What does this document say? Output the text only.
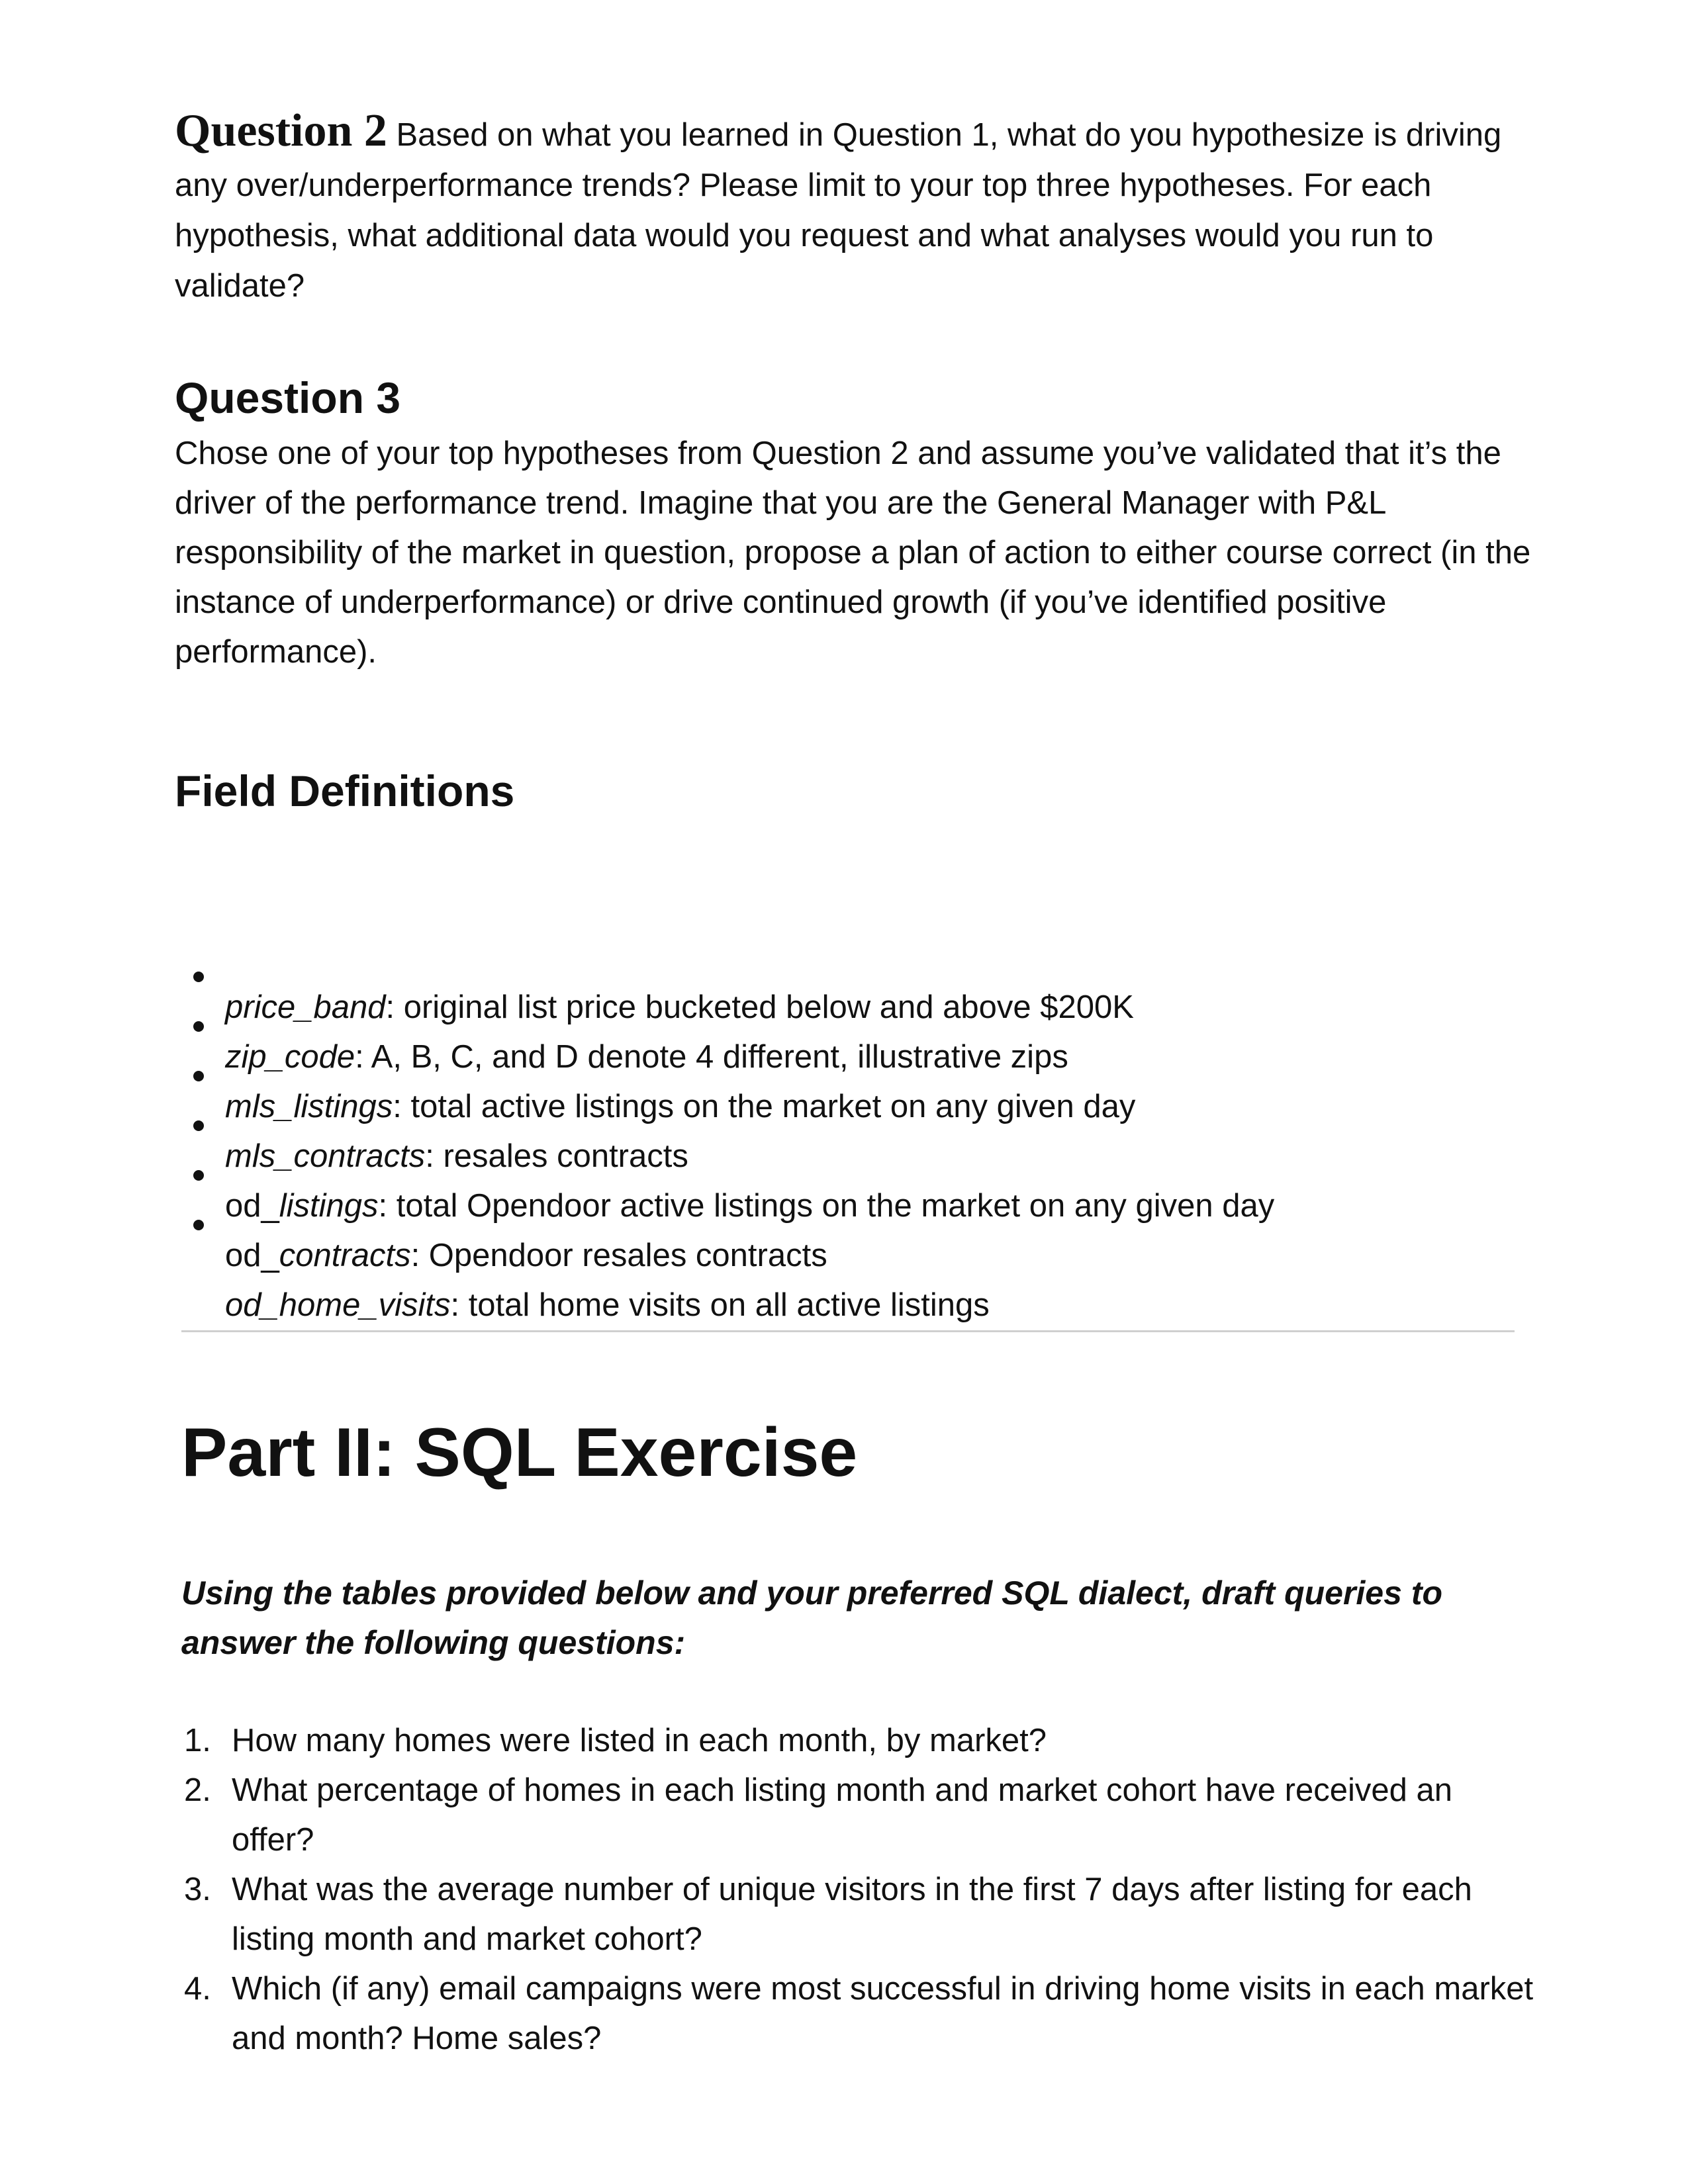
Question 2 Based on what you learned in Question 1, what do you hypothesize is driving any over/underperformance trends? Please limit to your top three hypotheses. For each hypothesis, what additional data would you request and what analyses would you run to validate?
Question 3
Chose one of your top hypotheses from Question 2 and assume you’ve validated that it’s the driver of the performance trend. Imagine that you are the General Manager with P&L responsibility of the market in question, propose a plan of action to either course correct (in the instance of underperformance) or drive continued growth (if you’ve identified positive performance).
Field Definitions
price_band: original list price bucketed below and above $200K
zip_code: A, B, C, and D denote 4 different, illustrative zips
mls_listings: total active listings on the market on any given day
mls_contracts: resales contracts
od_listings: total Opendoor active listings on the market on any given day
od_contracts: Opendoor resales contracts
od_home_visits: total home visits on all active listings
Part II: SQL Exercise
Using the tables provided below and your preferred SQL dialect, draft queries to answer the following questions:
1. How many homes were listed in each month, by market?
2. What percentage of homes in each listing month and market cohort have received an offer?
3. What was the average number of unique visitors in the first 7 days after listing for each listing month and market cohort?
4. Which (if any) email campaigns were most successful in driving home visits in each market and month? Home sales?
